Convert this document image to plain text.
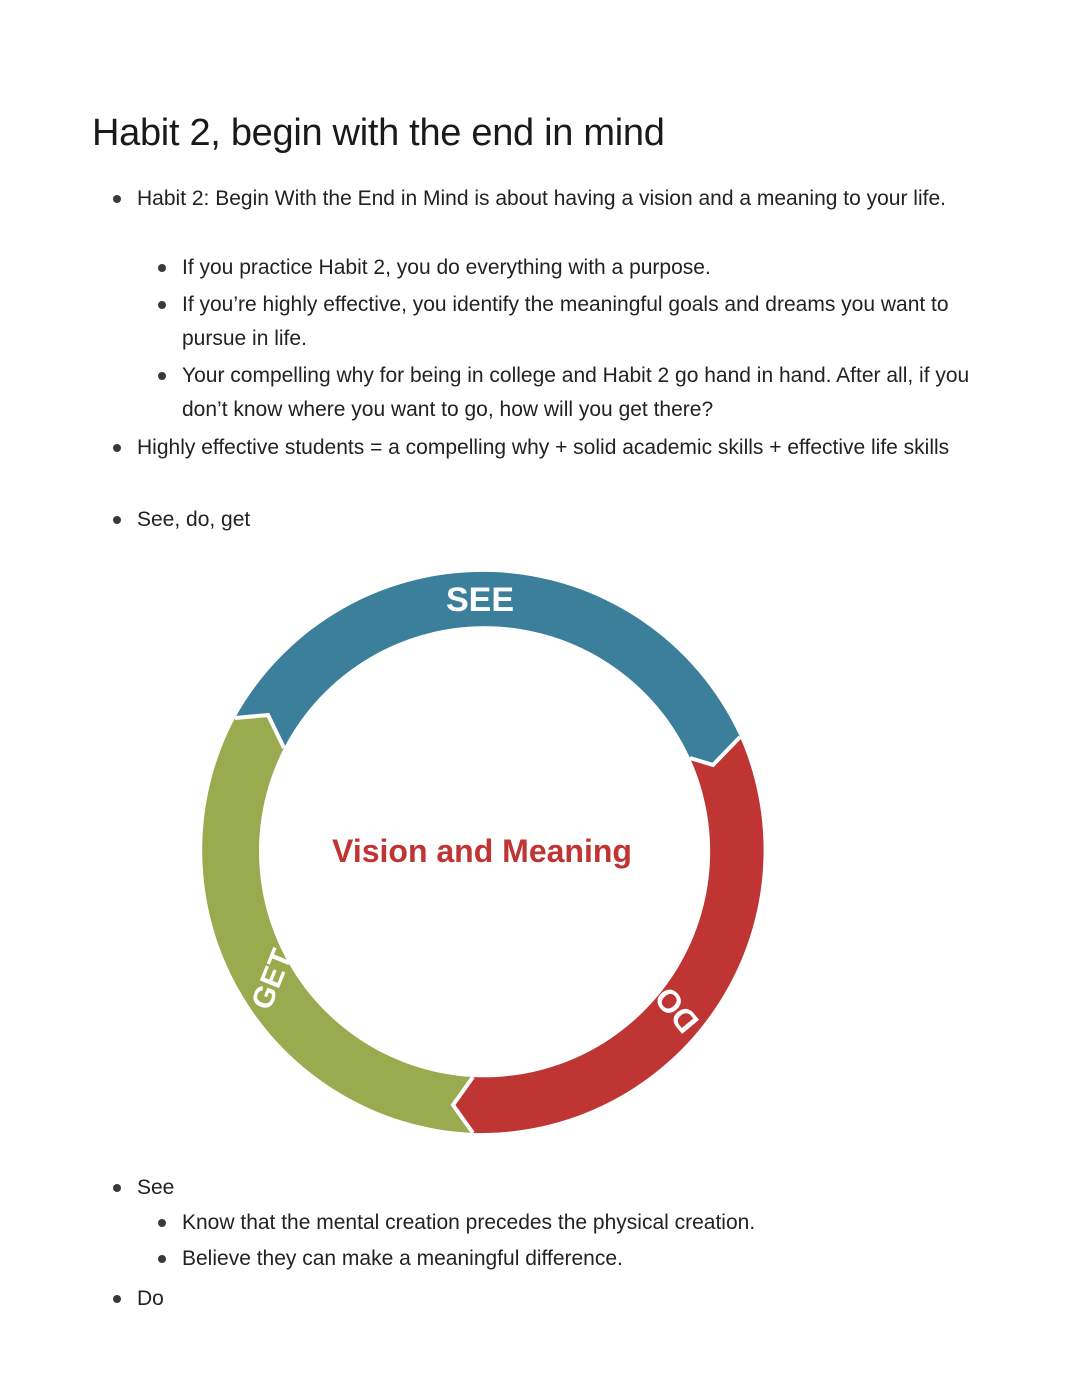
Habit 2, begin with the end in mind
Habit 2: Begin With the End in Mind is about having a vision and a meaning to your life.
If you practice Habit 2, you do everything with a purpose.
If you’re highly effective, you identify the meaningful goals and dreams you want to pursue in life.
Your compelling why for being in college and Habit 2 go hand in hand. After all, if you don’t know where you want to go, how will you get there?
Highly effective students = a compelling why + solid academic skills + effective life skills
See, do, get
SEE
DO
GET
Vision and Meaning
See
Know that the mental creation precedes the physical creation.
Believe they can make a meaningful difference.
Do
